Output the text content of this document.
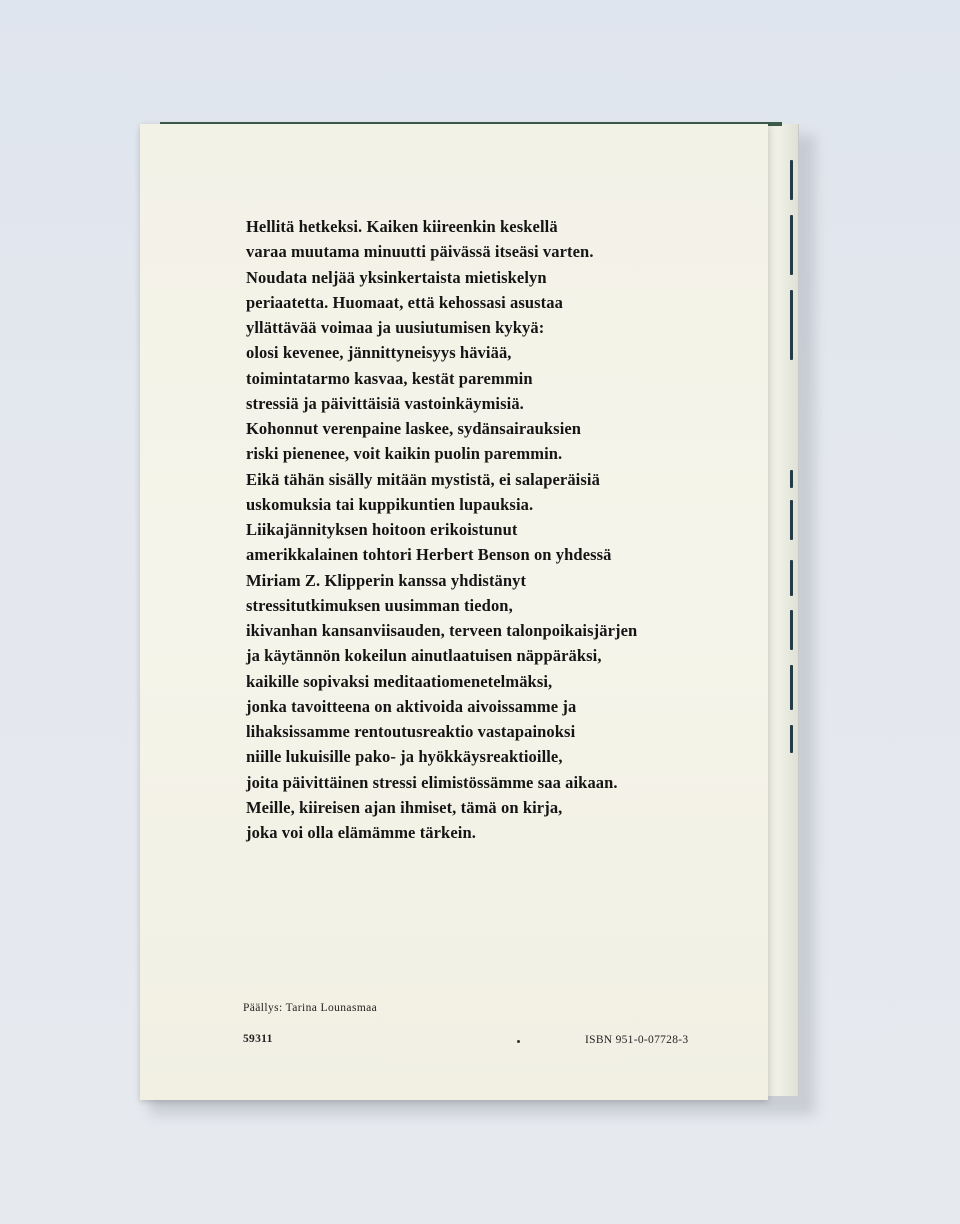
Hellitä hetkeksi. Kaiken kiireenkin keskellä
varaa muutama minuutti päivässä itseäsi varten.
Noudata neljää yksinkertaista mietiskelyn
periaatetta. Huomaat, että kehossasi asustaa
yllättävää voimaa ja uusiutumisen kykyä:
olosi kevenee, jännittyneisyys häviää,
toimintatarmo kasvaa, kestät paremmin
stressiä ja päivittäisiä vastoinkäymisiä.
Kohonnut verenpaine laskee, sydänsairauksien
riski pienenee, voit kaikin puolin paremmin.
Eikä tähän sisälly mitään mystistä, ei salaperäisiä
uskomuksia tai kuppikuntien lupauksia.
Liikajännityksen hoitoon erikoistunut
amerikkalainen tohtori Herbert Benson on yhdessä
Miriam Z. Klipperin kanssa yhdistänyt
stressitutkimuksen uusimman tiedon,
ikivanhan kansanviisauden, terveen talonpoikaisjärjen
ja käytännön kokeilun ainutlaatuisen näppäräksi,
kaikille sopivaksi meditaatiomenetelmäksi,
jonka tavoitteena on aktivoida aivoissamme ja
lihaksissamme rentoutusreaktio vastapainoksi
niille lukuisille pako- ja hyökkäysreaktioille,
joita päivittäinen stressi elimistössämme saa aikaan.
Meille, kiireisen ajan ihmiset, tämä on kirja,
joka voi olla elämämme tärkein.
Päällys: Tarina Lounasmaa
59311	ISBN 951-0-07728-3
